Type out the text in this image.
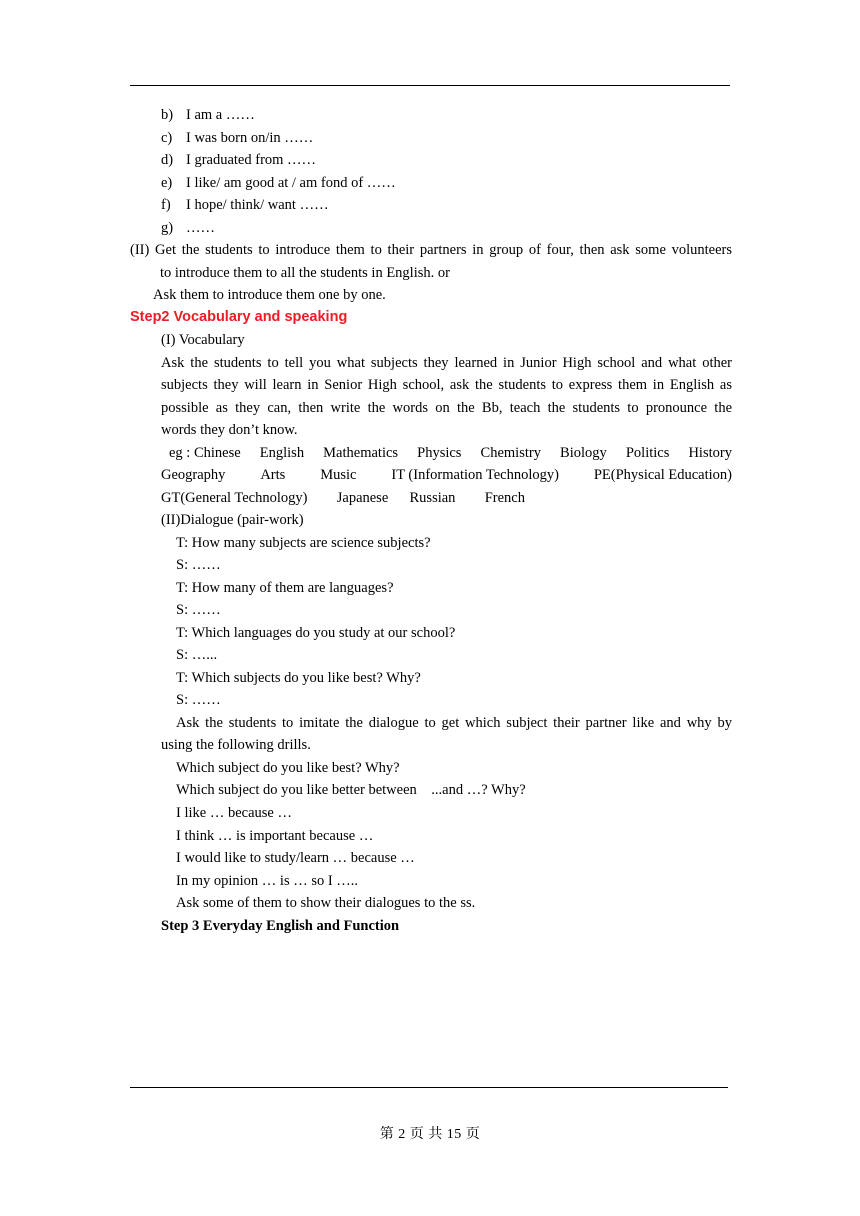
b) I am a ……
c) I was born on/in ……
d) I graduated from ……
e) I like/ am good at / am fond of ……
f) I hope/ think/ want ……
g) ……
(II) Get the students to introduce them to their partners in group of four, then ask some volunteers
to introduce them to all the students in English. or
Ask them to introduce them one by one.
Step2 Vocabulary and speaking
(I) Vocabulary
Ask the students to tell you what subjects they learned in Junior High school and what other
subjects they will learn in Senior High school, ask the students to express them in English as
possible as they can, then write the words on the Bb, teach the students to pronounce the
words they don’t know.
eg : Chinese English Mathematics Physics Chemistry Biology Politics History
Geography Arts Music IT (Information Technology) PE(Physical Education)
GT(General Technology) Japanese Russian French
(II)Dialogue (pair-work)
T: How many subjects are science subjects?
S: ……
T: How many of them are languages?
S: ……
T: Which languages do you study at our school?
S: …...
T: Which subjects do you like best? Why?
S: ……
Ask the students to imitate the dialogue to get which subject their partner like and why by
using the following drills.
Which subject do you like best? Why?
Which subject do you like better between    ...and …? Why?
I like … because …
I think … is important because …
I would like to study/learn … because …
In my opinion … is … so I …..
Ask some of them to show their dialogues to the ss.
Step 3 Everyday English and Function
第 2 页 共 15 页
